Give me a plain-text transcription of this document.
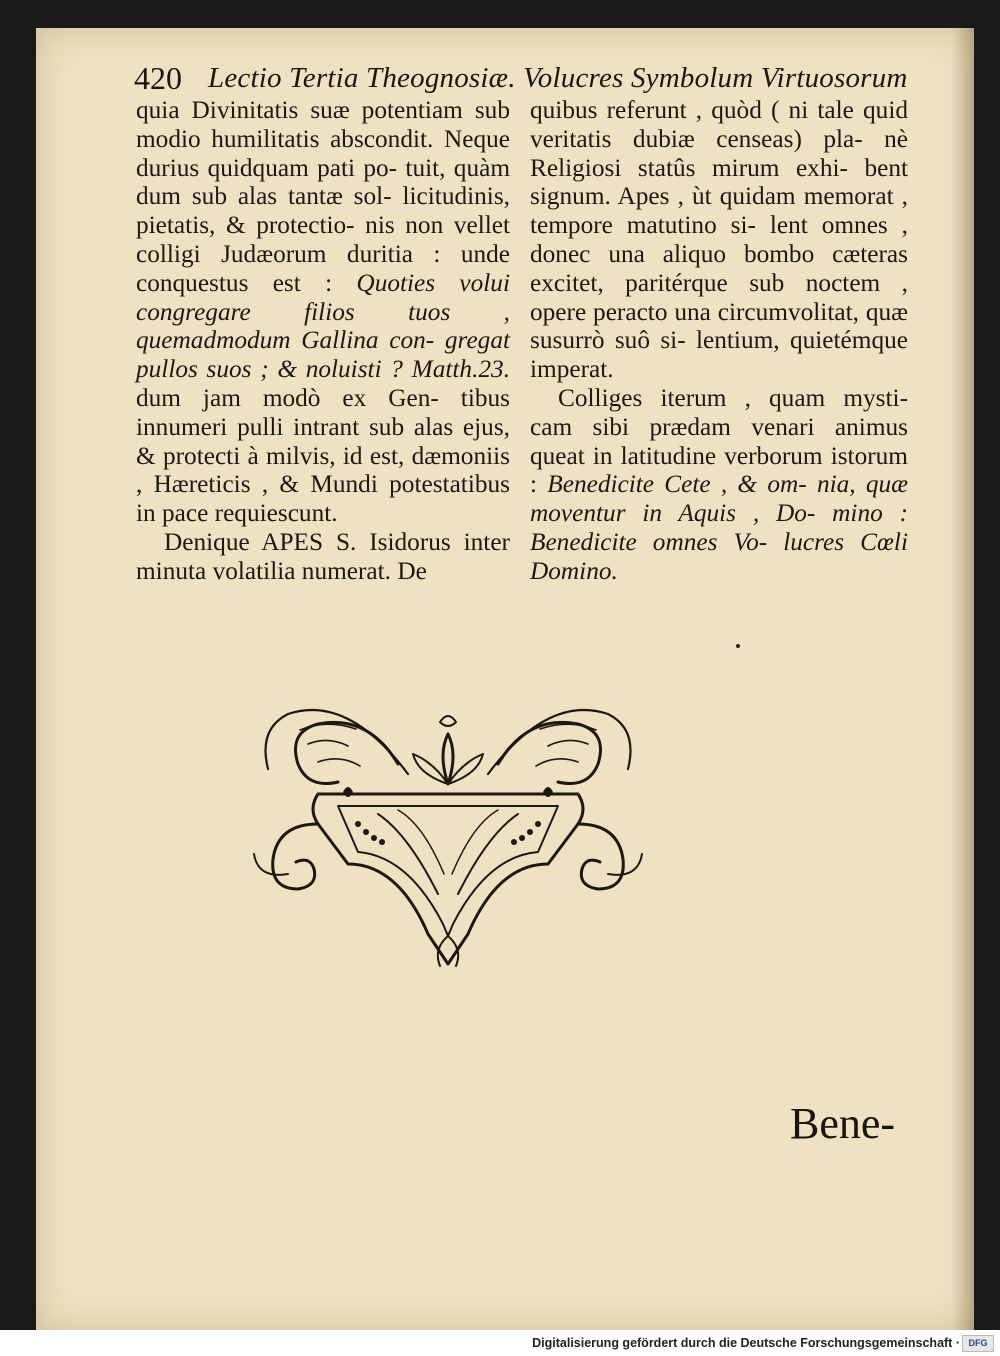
420 Lectio Tertia Theognosiæ. Volucres Symbolum Virtuosorum

quia Divinitatis suæ potentiam sub modio humilitatis abscondit. Neque durius quidquam pati po- tuit, quàm dum sub alas tantæ sol- licitudinis, pietatis, & protectio- nis non vellet colligi Judæorum duritia : unde conquestus est : Quoties volui congregare filios tuos , quemadmodum Gallina con- gregat pullos suos ; & noluisti ? Matth.23. dum jam modò ex Gen- tibus innumeri pulli intrant sub alas ejus, & protecti à milvis, id est, dæmoniis , Hæreticis , & Mundi potestatibus in pace requiescunt.

Denique APES S. Isidorus inter minuta volatilia numerat. De

quibus referunt , quòd ( ni tale quid veritatis dubiæ censeas) pla- nè Religiosi statûs mirum exhi- bent signum. Apes , ùt quidam memorat , tempore matutino si- lent omnes , donec una aliquo bombo cæteras excitet, paritérque sub noctem , opere peracto una circumvolitat, quæ susurrò suô si- lentium, quietémque imperat.

Colliges iterum , quam mysti- cam sibi prædam venari animus queat in latitudine verborum istorum : Benedicite Cete , & om- nia, quæ moventur in Aquis , Do- mino : Benedicite omnes Vo- lucres Cœli Domino.

Bene-
Digitalisierung gefördert durch die Deutsche Forschungsgemeinschaft · DFG
